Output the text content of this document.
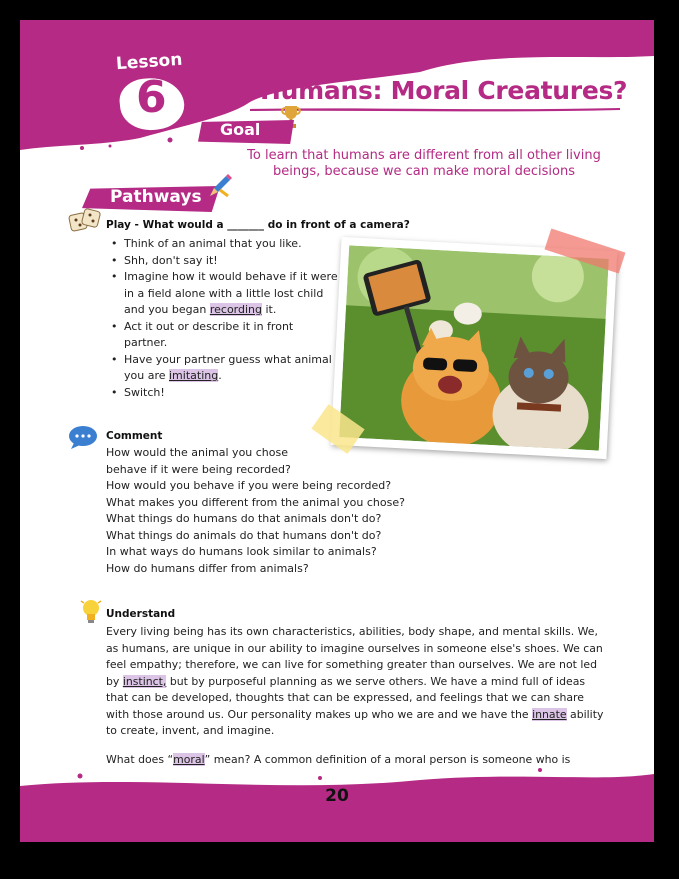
Lesson
6	Humans: Moral Creatures?
Goal
To learn that humans are different from all other living beings, because we can make moral decisions
Pathways
Play - What would a _______ do in front of a camera?
• Think of an animal that you like.
• Shh, don't say it!
• Imagine how it would behave if it were in a field alone with a little lost child and you began recording it.
• Act it out or describe it in front partner.
• Have your partner guess what animal you are imitating.
• Switch!
Comment
How would the animal you chose
behave if it were being recorded?
How would you behave if you were being recorded?
What makes you different from the animal you chose?
What things do humans do that animals don't do?
What things do animals do that humans don't do?
In what ways do humans look similar to animals?
How do humans differ from animals?
Understand
Every living being has its own characteristics, abilities, body shape, and mental skills. We, as humans, are unique in our ability to imagine ourselves in someone else's shoes. We can feel empathy; therefore, we can live for something greater than ourselves. We are not led by instinct, but by purposeful planning as we serve others. We have a mind full of ideas that can be developed, thoughts that can be expressed, and feelings that we can share with those around us. Our personality makes up who we are and we have the innate ability to create, invent, and imagine.
What does “moral” mean? A common definition of a moral person is someone who is
20
